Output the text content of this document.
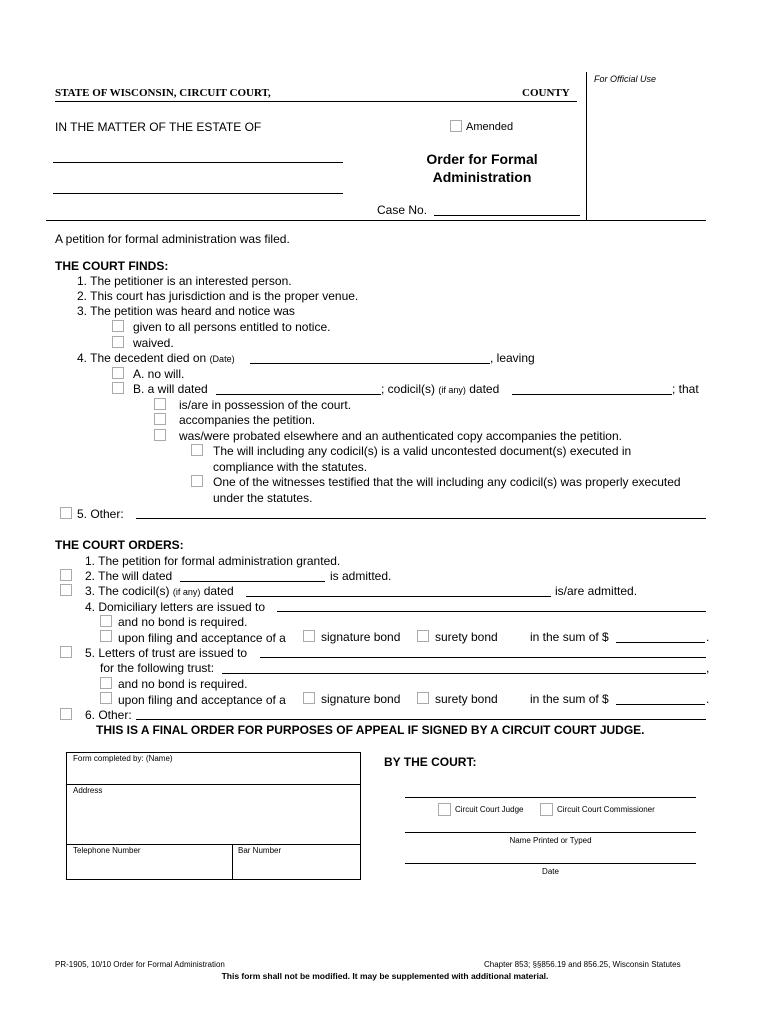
For Official Use
STATE OF WISCONSIN, CIRCUIT COURT,	COUNTY
IN THE MATTER OF THE ESTATE OF	Amended
Order for Formal
Administration
Case No.
A petition for formal administration was filed.
THE COURT FINDS:
1. The petitioner is an interested person.
2. This court has jurisdiction and is the proper venue.
3. The petition was heard and notice was
given to all persons entitled to notice.
waived.
4. The decedent died on (Date)	, leaving
A. no will.
B. a will dated	; codicil(s) (if any) dated	; that
is/are in possession of the court.
accompanies the petition.
was/were probated elsewhere and an authenticated copy accompanies the petition.
The will including any codicil(s) is a valid uncontested document(s) executed in
compliance with the statutes.
One of the witnesses testified that the will including any codicil(s) was properly executed
under the statutes.
5. Other:
THE COURT ORDERS:
1. The petition for formal administration granted.
2. The will dated	is admitted.
3. The codicil(s) (if any) dated	is/are admitted.
4. Domiciliary letters are issued to
and no bond is required.
upon filing and acceptance of a	signature bond	surety bond	in the sum of $	.
5. Letters of trust are issued to
for the following trust:	,
and no bond is required.
upon filing and acceptance of a	signature bond	surety bond	in the sum of $	.
6. Other:
THIS IS A FINAL ORDER FOR PURPOSES OF APPEAL IF SIGNED BY A CIRCUIT COURT JUDGE.
Form completed by: (Name)
Address
Telephone Number	Bar Number
BY THE COURT:
Circuit Court Judge	Circuit Court Commissioner
Name Printed or Typed
Date
PR-1905, 10/10 Order for Formal Administration	Chapter 853; §§856.19 and 856.25, Wisconsin Statutes
This form shall not be modified. It may be supplemented with additional material.
